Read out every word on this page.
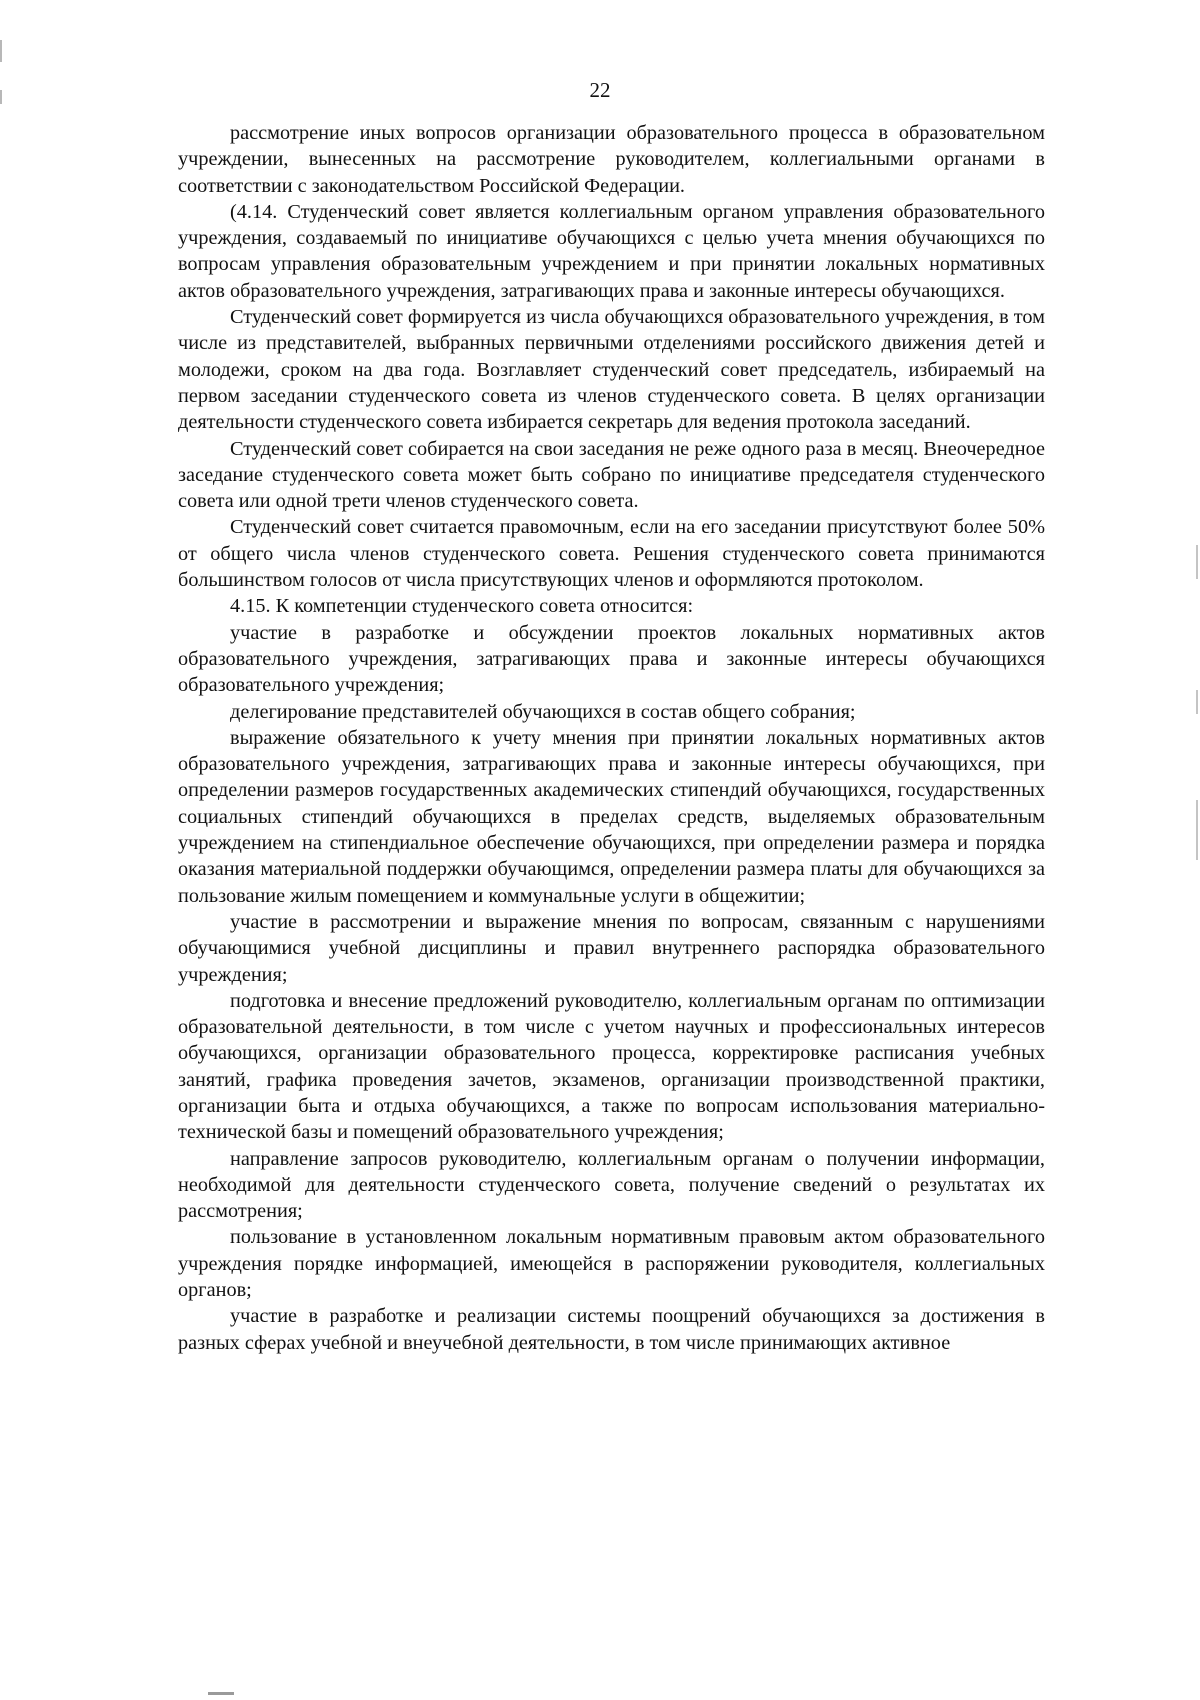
22

рассмотрение иных вопросов организации образовательного процесса в образовательном учреждении, вынесенных на рассмотрение руководителем, коллегиальными органами в соответствии с законодательством Российской Федерации.

(4.14. Студенческий совет является коллегиальным органом управления образовательного учреждения, создаваемый по инициативе обучающихся с целью учета мнения обучающихся по вопросам управления образовательным учреждением и при принятии локальных нормативных актов образовательного учреждения, затрагивающих права и законные интересы обучающихся.

Студенческий совет формируется из числа обучающихся образовательного учреждения, в том числе из представителей, выбранных первичными отделениями российского движения детей и молодежи, сроком на два года. Возглавляет студенческий совет председатель, избираемый на первом заседании студенческого совета из членов студенческого совета. В целях организации деятельности студенческого совета избирается секретарь для ведения протокола заседаний.

Студенческий совет собирается на свои заседания не реже одного раза в месяц. Внеочередное заседание студенческого совета может быть собрано по инициативе председателя студенческого совета или одной трети членов студенческого совета.

Студенческий совет считается правомочным, если на его заседании присутствуют более 50% от общего числа членов студенческого совета. Решения студенческого совета принимаются большинством голосов от числа присутствующих членов и оформляются протоколом.

4.15. К компетенции студенческого совета относится:

участие в разработке и обсуждении проектов локальных нормативных актов образовательного учреждения, затрагивающих права и законные интересы обучающихся образовательного учреждения;

делегирование представителей обучающихся в состав общего собрания;

выражение обязательного к учету мнения при принятии локальных нормативных актов образовательного учреждения, затрагивающих права и законные интересы обучающихся, при определении размеров государственных академических стипендий обучающихся, государственных социальных стипендий обучающихся в пределах средств, выделяемых образовательным учреждением на стипендиальное обеспечение обучающихся, при определении размера и порядка оказания материальной поддержки обучающимся, определении размера платы для обучающихся за пользование жилым помещением и коммунальные услуги в общежитии;

участие в рассмотрении и выражение мнения по вопросам, связанным с нарушениями обучающимися учебной дисциплины и правил внутреннего распорядка образовательного учреждения;

подготовка и внесение предложений руководителю, коллегиальным органам по оптимизации образовательной деятельности, в том числе с учетом научных и профессиональных интересов обучающихся, организации образовательного процесса, корректировке расписания учебных занятий, графика проведения зачетов, экзаменов, организации производственной практики, организации быта и отдыха обучающихся, а также по вопросам использования материально-технической базы и помещений образовательного учреждения;

направление запросов руководителю, коллегиальным органам о получении информации, необходимой для деятельности студенческого совета, получение сведений о результатах их рассмотрения;

пользование в установленном локальным нормативным правовым актом образовательного учреждения порядке информацией, имеющейся в распоряжении руководителя, коллегиальных органов;

участие в разработке и реализации системы поощрений обучающихся за достижения в разных сферах учебной и внеучебной деятельности, в том числе принимающих активное
